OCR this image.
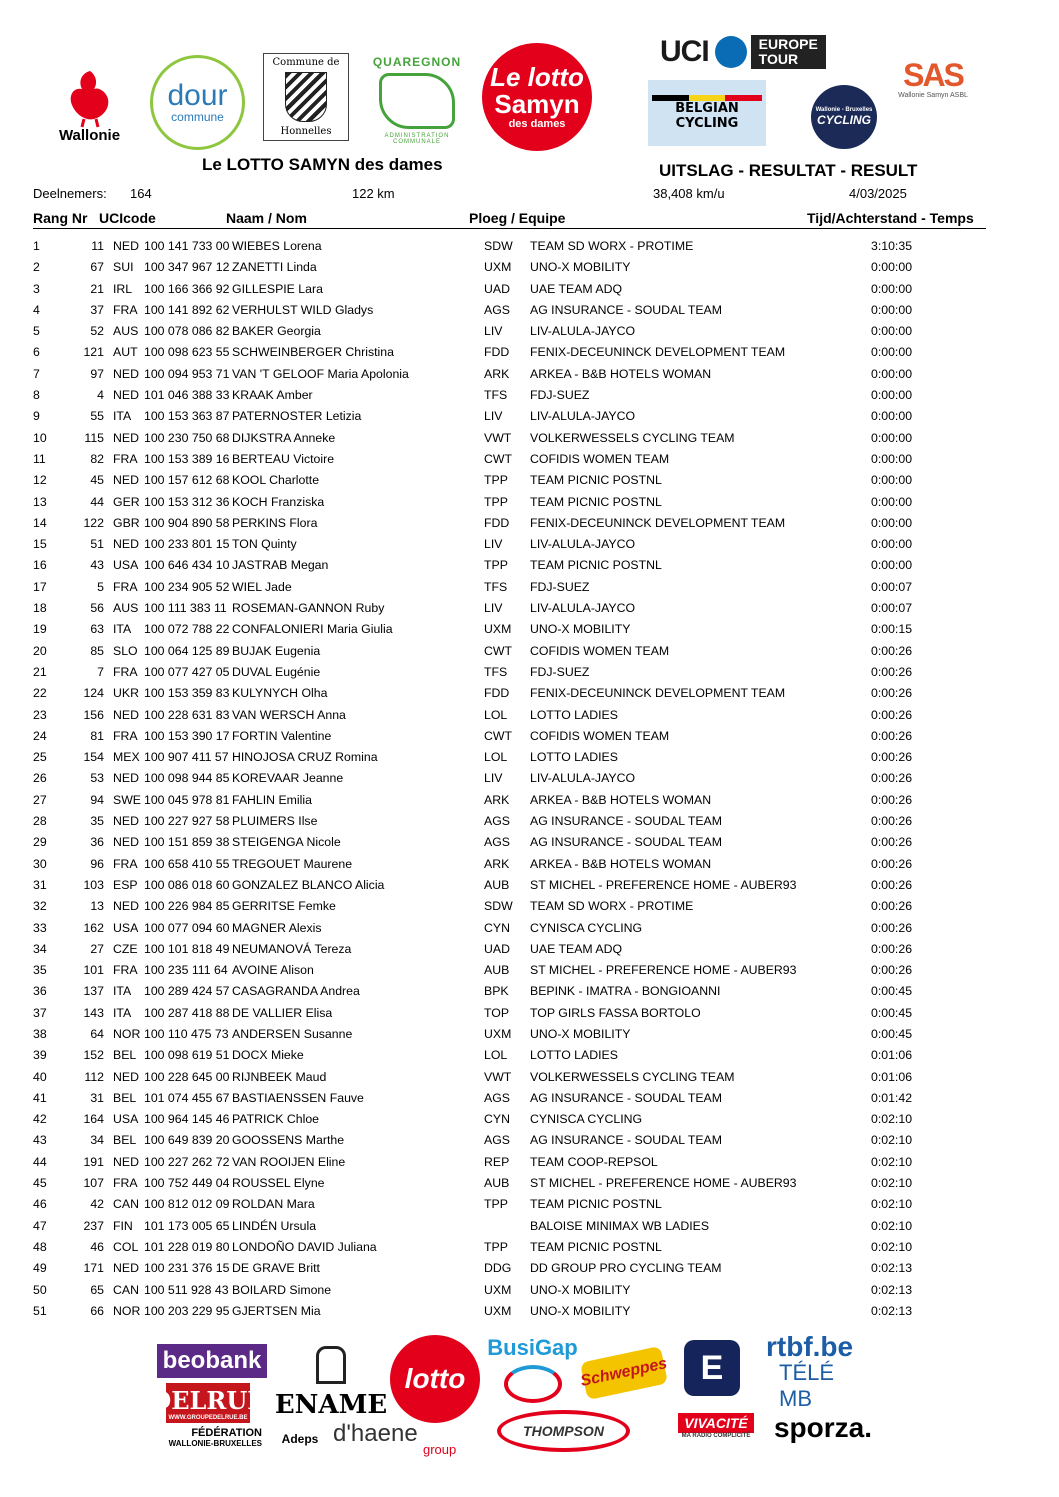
Wallonie
dour
commune
Commune de
Honnelles
QUAREGNON
ADMINISTRATION COMMUNALE
Le lotto
Samyn
des dames
UCI	EUROPE
TOUR
BELGIAN
CYCLING
Wallonie - Bruxelles
CYCLING
SAS
Wallonie Samyn ASBL
Le LOTTO SAMYN des dames	UITSLAG - RESULTAT - RESULT
Deelnemers: 164	122 km	38,408 km/u	4/03/2025
Rang Nr UCIcode	Naam / Nom	Ploeg / Equipe	Tijd/Achterstand - Temps
1	11 NED 100 141 733 00 WIEBES Lorena	SDW TEAM SD WORX - PROTIME	3:10:35
2	67 SUI 100 347 967 12 ZANETTI Linda	UXM UNO-X MOBILITY	0:00:00
3	21 IRL 100 166 366 92 GILLESPIE Lara	UAD UAE TEAM ADQ	0:00:00
4	37 FRA 100 141 892 62 VERHULST WILD Gladys	AGS AG INSURANCE - SOUDAL TEAM	0:00:00
5	52 AUS 100 078 086 82 BAKER Georgia	LIV LIV-ALULA-JAYCO	0:00:00
6	121 AUT 100 098 623 55 SCHWEINBERGER Christina	FDD FENIX-DECEUNINCK DEVELOPMENT TEAM	0:00:00
7	97 NED 100 094 953 71 VAN 'T GELOOF Maria Apolonia	ARK ARKEA - B&B HOTELS WOMAN	0:00:00
8	4 NED 101 046 388 33 KRAAK Amber	TFS FDJ-SUEZ	0:00:00
9	55 ITA 100 153 363 87 PATERNOSTER Letizia	LIV LIV-ALULA-JAYCO	0:00:00
10	115 NED 100 230 750 68 DIJKSTRA Anneke	VWT VOLKERWESSELS CYCLING TEAM	0:00:00
11	82 FRA 100 153 389 16 BERTEAU Victoire	CWT COFIDIS WOMEN TEAM	0:00:00
12	45 NED 100 157 612 68 KOOL Charlotte	TPP TEAM PICNIC POSTNL	0:00:00
13	44 GER 100 153 312 36 KOCH Franziska	TPP TEAM PICNIC POSTNL	0:00:00
14	122 GBR 100 904 890 58 PERKINS Flora	FDD FENIX-DECEUNINCK DEVELOPMENT TEAM	0:00:00
15	51 NED 100 233 801 15 TON Quinty	LIV LIV-ALULA-JAYCO	0:00:00
16	43 USA 100 646 434 10 JASTRAB Megan	TPP TEAM PICNIC POSTNL	0:00:00
17	5 FRA 100 234 905 52 WIEL Jade	TFS FDJ-SUEZ	0:00:07
18	56 AUS 100 111 383 11 ROSEMAN-GANNON Ruby	LIV LIV-ALULA-JAYCO	0:00:07
19	63 ITA 100 072 788 22 CONFALONIERI Maria Giulia	UXM UNO-X MOBILITY	0:00:15
20	85 SLO 100 064 125 89 BUJAK Eugenia	CWT COFIDIS WOMEN TEAM	0:00:26
21	7 FRA 100 077 427 05 DUVAL Eugénie	TFS FDJ-SUEZ	0:00:26
22	124 UKR 100 153 359 83 KULYNYCH Olha	FDD FENIX-DECEUNINCK DEVELOPMENT TEAM	0:00:26
23	156 NED 100 228 631 83 VAN WERSCH Anna	LOL LOTTO LADIES	0:00:26
24	81 FRA 100 153 390 17 FORTIN Valentine	CWT COFIDIS WOMEN TEAM	0:00:26
25	154 MEX 100 907 411 57 HINOJOSA CRUZ Romina	LOL LOTTO LADIES	0:00:26
26	53 NED 100 098 944 85 KOREVAAR Jeanne	LIV LIV-ALULA-JAYCO	0:00:26
27	94 SWE 100 045 978 81 FAHLIN Emilia	ARK ARKEA - B&B HOTELS WOMAN	0:00:26
28	35 NED 100 227 927 58 PLUIMERS Ilse	AGS AG INSURANCE - SOUDAL TEAM	0:00:26
29	36 NED 100 151 859 38 STEIGENGA Nicole	AGS AG INSURANCE - SOUDAL TEAM	0:00:26
30	96 FRA 100 658 410 55 TREGOUET Maurene	ARK ARKEA - B&B HOTELS WOMAN	0:00:26
31	103 ESP 100 086 018 60 GONZALEZ BLANCO Alicia	AUB ST MICHEL - PREFERENCE HOME - AUBER93	0:00:26
32	13 NED 100 226 984 85 GERRITSE Femke	SDW TEAM SD WORX - PROTIME	0:00:26
33	162 USA 100 077 094 60 MAGNER Alexis	CYN CYNISCA CYCLING	0:00:26
34	27 CZE 100 101 818 49 NEUMANOVÁ Tereza	UAD UAE TEAM ADQ	0:00:26
35	101 FRA 100 235 111 64 AVOINE Alison	AUB ST MICHEL - PREFERENCE HOME - AUBER93	0:00:26
36	137 ITA 100 289 424 57 CASAGRANDA Andrea	BPK BEPINK - IMATRA - BONGIOANNI	0:00:45
37	143 ITA 100 287 418 88 DE VALLIER Elisa	TOP TOP GIRLS FASSA BORTOLO	0:00:45
38	64 NOR 100 110 475 73 ANDERSEN Susanne	UXM UNO-X MOBILITY	0:00:45
39	152 BEL 100 098 619 51 DOCX Mieke	LOL LOTTO LADIES	0:01:06
40	112 NED 100 228 645 00 RIJNBEEK Maud	VWT VOLKERWESSELS CYCLING TEAM	0:01:06
41	31 BEL 101 074 455 67 BASTIAENSSEN Fauve	AGS AG INSURANCE - SOUDAL TEAM	0:01:42
42	164 USA 100 964 145 46 PATRICK Chloe	CYN CYNISCA CYCLING	0:02:10
43	34 BEL 100 649 839 20 GOOSSENS Marthe	AGS AG INSURANCE - SOUDAL TEAM	0:02:10
44	191 NED 100 227 262 72 VAN ROOIJEN Eline	REP TEAM COOP-REPSOL	0:02:10
45	107 FRA 100 752 449 04 ROUSSEL Elyne	AUB ST MICHEL - PREFERENCE HOME - AUBER93	0:02:10
46	42 CAN 100 812 012 09 ROLDAN Mara	TPP TEAM PICNIC POSTNL	0:02:10
47	237 FIN 101 173 005 65 LINDÉN Ursula	BALOISE MINIMAX WB LADIES	0:02:10
48	46 COL 101 228 019 80 LONDOÑO DAVID Juliana	TPP TEAM PICNIC POSTNL	0:02:10
49	171 NED 100 231 376 15 DE GRAVE Britt	DDG DD GROUP PRO CYCLING TEAM	0:02:13
50	65 CAN 100 511 928 43 BOILARD Simone	UXM UNO-X MOBILITY	0:02:13
51	66 NOR 100 203 229 95 GJERTSEN Mia	UXM UNO-X MOBILITY	0:02:13
beobank
DELRUE
WWW.GROUPEDELRUE.BE ENAME
lotto
BusiGap
Schweppes E
rtbf.be
TÉLÉ MB
FÉDÉRATION
WALLONIE-BRUXELLES	Adeps d'haene
group
THOMPSON	VIVACITÉ
MA RADIO COMPLICITÉ sporza.
